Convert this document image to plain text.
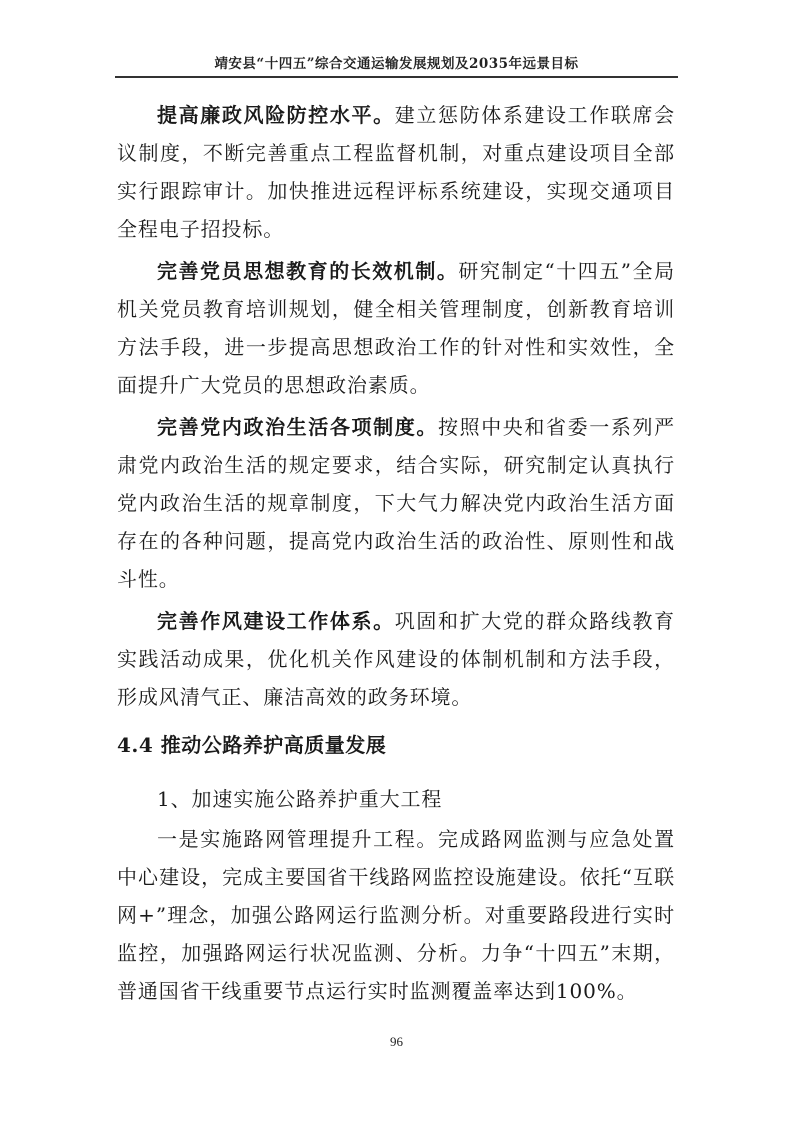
靖安县“十四五”综合交通运输发展规划及2035年远景目标

提高廉政风险防控水平。建立惩防体系建设工作联席会议制度，不断完善重点工程监督机制，对重点建设项目全部实行跟踪审计。加快推进远程评标系统建设，实现交通项目全程电子招投标。

完善党员思想教育的长效机制。研究制定“十四五”全局机关党员教育培训规划，健全相关管理制度，创新教育培训方法手段，进一步提高思想政治工作的针对性和实效性，全面提升广大党员的思想政治素质。

完善党内政治生活各项制度。按照中央和省委一系列严肃党内政治生活的规定要求，结合实际，研究制定认真执行党内政治生活的规章制度，下大气力解决党内政治生活方面存在的各种问题，提高党内政治生活的政治性、原则性和战斗性。

完善作风建设工作体系。巩固和扩大党的群众路线教育实践活动成果，优化机关作风建设的体制机制和方法手段，形成风清气正、廉洁高效的政务环境。

4.4 推动公路养护高质量发展

1、加速实施公路养护重大工程

一是实施路网管理提升工程。完成路网监测与应急处置中心建设，完成主要国省干线路网监控设施建设。依托“互联网+”理念，加强公路网运行监测分析。对重要路段进行实时监控，加强路网运行状况监测、分析。力争“十四五”末期，普通国省干线重要节点运行实时监测覆盖率达到100%。

96
